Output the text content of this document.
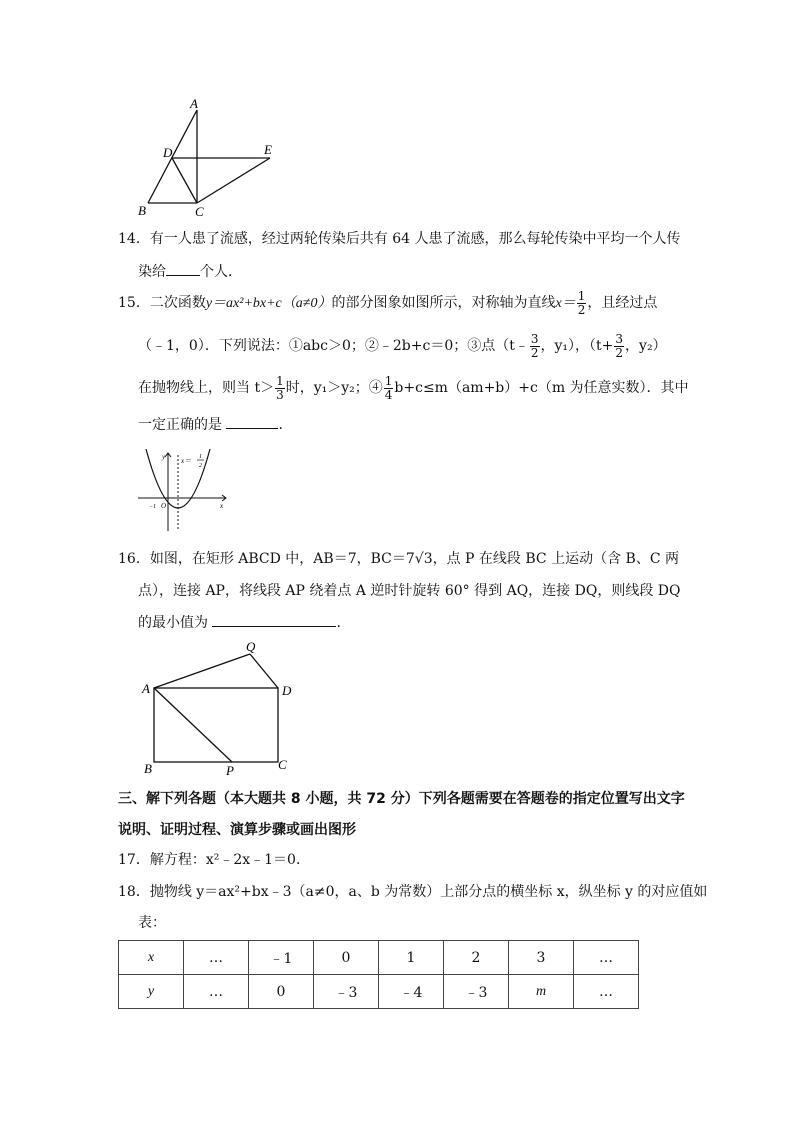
A
D	E
B	C
14．有一人患了流感，经过两轮传染后共有 64 人患了流感，那么每轮传染中平均一个人传
染给 个人．
15．二次函数y＝ax²+bx+c（a≠0）的部分图象如图所示，对称轴为直线$x= \frac{1}{2}$ ，且经过点
（﹣1，0）．下列说法：①abc＞0；②﹣2b+c＝0；③点（t﹣ $\frac{3}{2}$ ，y₁），（$t+ \frac{3}{2}$ ，y₂）
在抛物线上，则当 $t> \frac{1}{3}$ 时，y₁＞y₂；④ $\frac{1}{4} b+c\le m(am+b)+c(m$ 为任意实数）．其中
一定正确的是	．
y
x
O
−1
x＝ 1
2
16．如图，在矩形 ABCD 中，AB＝7，BC＝7√3，点 P 在线段 BC 上运动（含 B、C 两
点），连接 AP，将线段 AP 绕着点 A 逆时针旋转 60° 得到 AQ，连接 DQ，则线段 DQ
的最小值为	．
Q
A	D
B	P	C
三、解下列各题（本大题共 8 小题，共 72 分）下列各题需要在答题卷的指定位置写出文字
说明、证明过程、演算步骤或画出图形
17．解方程：x²﹣2x﹣1＝0．
18．抛物线 y＝ax²+bx﹣3（a≠0，a、b 为常数）上部分点的横坐标 x，纵坐标 y 的对应值如
表：
x	…	﹣1	0	1	2	3	…
y	…	0	﹣3	﹣4	﹣3	m	…
